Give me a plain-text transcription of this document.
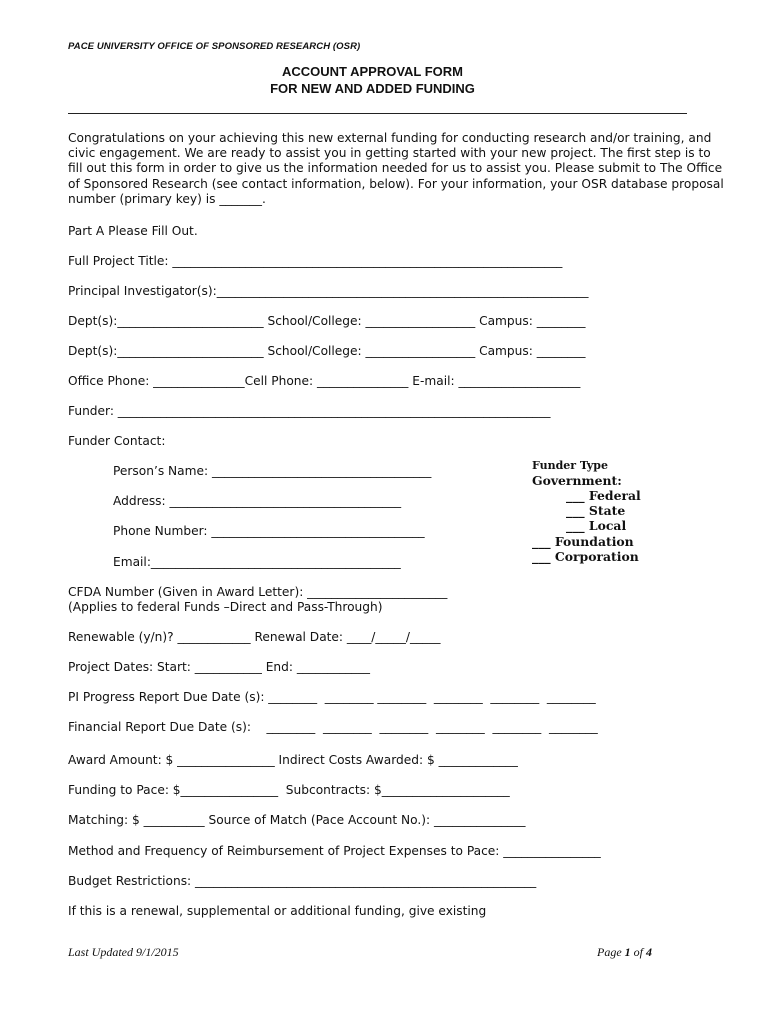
PACE UNIVERSITY OFFICE OF SPONSORED RESEARCH (OSR)
ACCOUNT APPROVAL FORM
FOR NEW AND ADDED FUNDING
Congratulations on your achieving this new external funding for conducting research and/or training, and civic engagement. We are ready to assist you in getting started with your new project. The first step is to fill out this form in order to give us the information needed for us to assist you. Please submit to The Office of Sponsored Research (see contact information, below). For your information, your OSR database proposal number (primary key) is _______.
Part A Please Fill Out.
Full Project Title: ________________________________________________________________
Principal Investigator(s):_____________________________________________________________
Dept(s):________________________ School/College: __________________ Campus: ________
Dept(s):________________________ School/College: __________________ Campus: ________
Office Phone: _______________Cell Phone: _______________ E-mail: ____________________
Funder: _______________________________________________________________________
Funder Contact:
Person’s Name: ____________________________________
Address: ______________________________________
Phone Number: ___________________________________
Email:_________________________________________
Funder Type
Government:
___ Federal
___ State
___ Local
___ Foundation
___ Corporation
CFDA Number (Given in Award Letter): _______________________
(Applies to federal Funds –Direct and Pass-Through)
Renewable (y/n)? ____________ Renewal Date: ____/_____/_____
Project Dates: Start: ___________ End: ____________
PI Progress Report Due Date (s): ________  ________ ________  ________  ________  ________
Financial Report Due Date (s):    ________  ________  ________  ________  ________  ________
Award Amount: $ ________________ Indirect Costs Awarded: $ _____________
Funding to Pace: $________________  Subcontracts: $_____________________
Matching: $ __________ Source of Match (Pace Account No.): _______________
Method and Frequency of Reimbursement of Project Expenses to Pace: ________________
Budget Restrictions: ________________________________________________________
If this is a renewal, supplemental or additional funding, give existing
Last Updated 9/1/2015	Page 1 of 4
